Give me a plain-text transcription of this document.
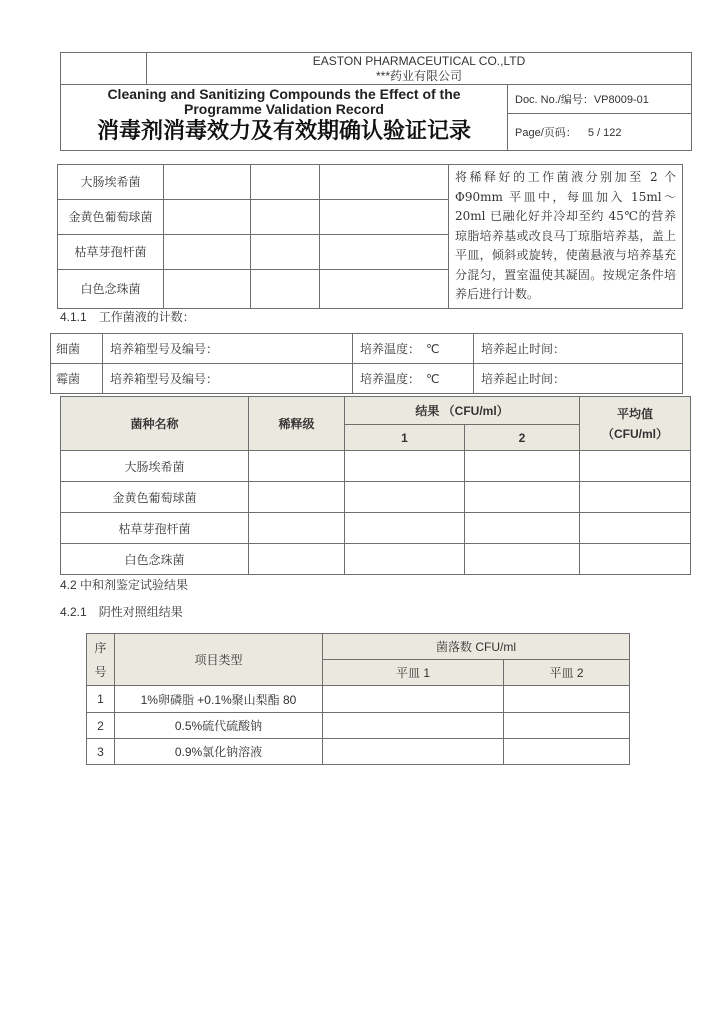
	EASTON PHARMACEUTICAL CO.,LTD
***药业有限公司	

Cleaning and Sanitizing Compounds the Effect of the
Programme Validation Record
消毒剂消毒效力及有效期确认验证记录		Doc. No./编号：VP8009-01
		Page/页码： 5 / 122
大肠埃希菌				将稀释好的工作菌液分别加至 2 个Φ90mm 平皿中，每皿加入 15ml～20ml 已融化好并冷却至约 45℃的营养琼脂培养基或改良马丁琼脂培养基，盖上平皿，倾斜或旋转，使菌悬液与培养基充分混匀，置室温使其凝固。按规定条件培养后进行计数。
金黄色葡萄球菌				
枯草芽孢杆菌				
白色念珠菌				
4.1.1　工作菌液的计数：
细菌	培养箱型号及编号：	培养温度：　℃	培养起止时间：
霉菌	培养箱型号及编号：	培养温度：　℃	培养起止时间：
菌种名称	稀释级	结果 （CFU/ml）		平均值（CFU/ml）
		1	2	
大肠埃希菌				
金黄色葡萄球菌				
枯草芽孢杆菌				
白色念珠菌				
4.2 中和剂鉴定试验结果
4.2.1　阴性对照组结果
序号	项目类型	菌落数 CFU/ml	
		平皿 1	平皿 2
1	1%卵磷脂 +0.1%聚山梨酯 80		
2	0.5%硫代硫酸钠		
3	0.9%氯化钠溶液		
